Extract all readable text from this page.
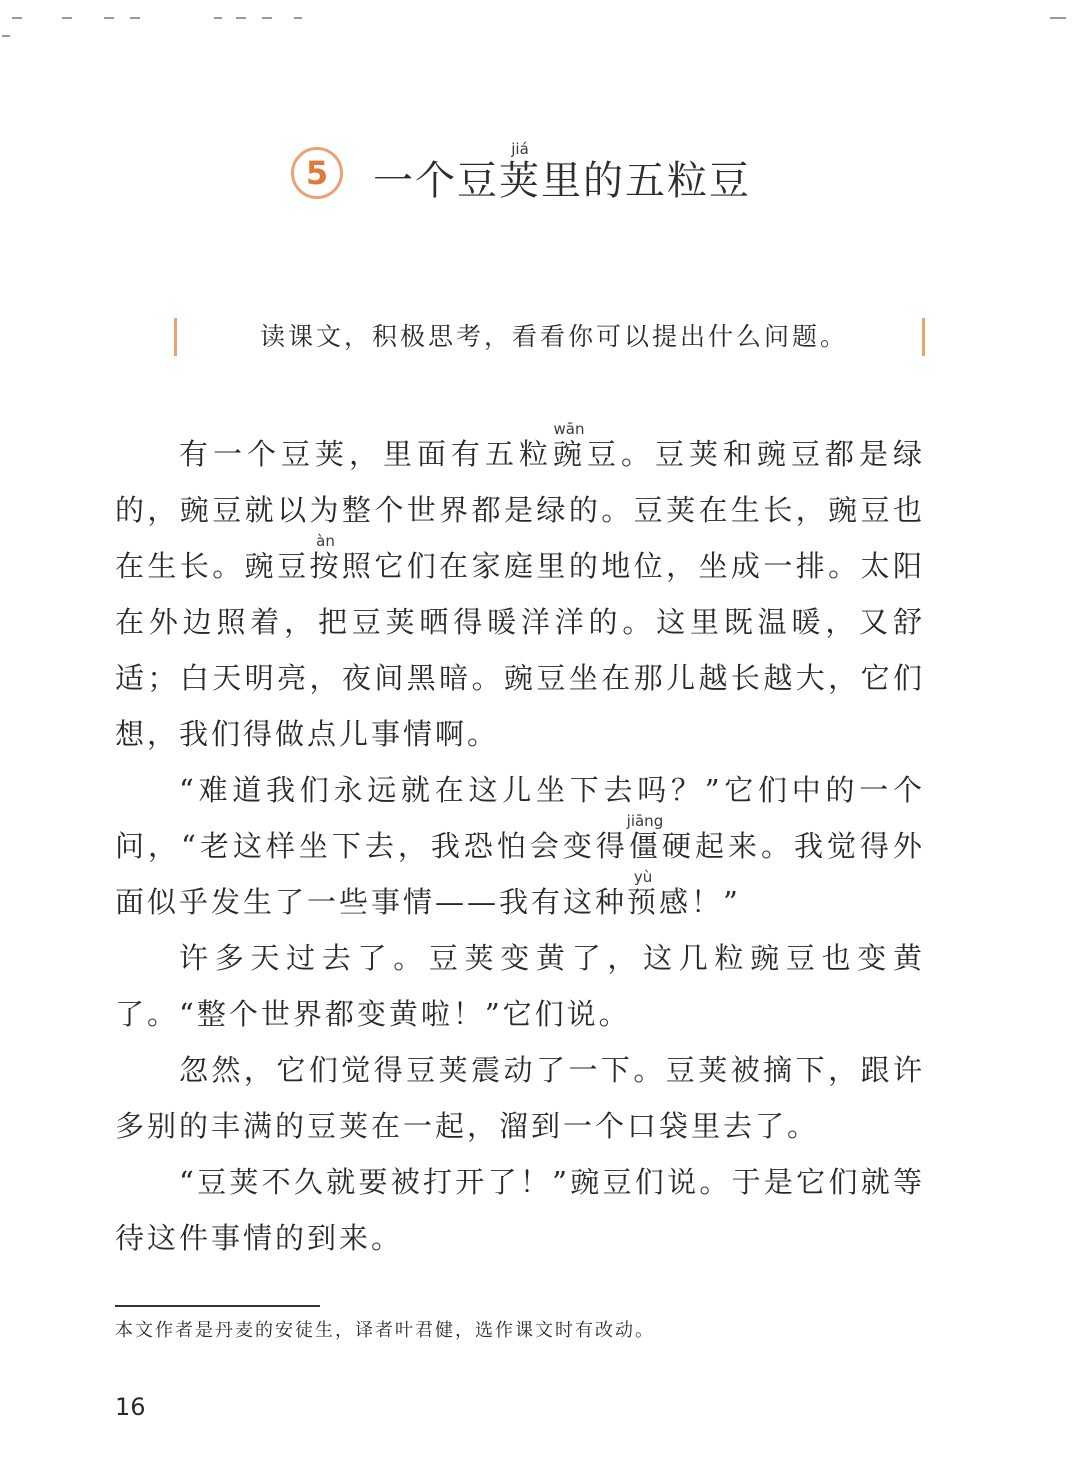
5	一个豆荚jiá里的五粒豆
读课文，积极思考，看看你可以提出什么问题。

有一个豆荚，里面有五粒豌wān豆。豆荚和豌豆都是绿的，豌豆就以为整个世界都是绿的。豆荚在生长，豌豆也在生长。豌豆按àn照它们在家庭里的地位，坐成一排。太阳在外边照着，把豆荚晒得暖洋洋的。这里既温暖，又舒适；白天明亮，夜间黑暗。豌豆坐在那儿越长越大，它们想，我们得做点儿事情啊。

“难道我们永远就在这儿坐下去吗？”它们中的一个问，“老这样坐下去，我恐怕会变得僵jiāng硬起来。我觉得外面似乎发生了一些事情——我有这种预yù感！”

许多天过去了。豆荚变黄了，这几粒豌豆也变黄了。“整个世界都变黄啦！”它们说。

忽然，它们觉得豆荚震动了一下。豆荚被摘下，跟许多别的丰满的豆荚在一起，溜到一个口袋里去了。

“豆荚不久就要被打开了！”豌豆们说。于是它们就等待这件事情的到来。

本文作者是丹麦的安徒生，译者叶君健，选作课文时有改动。
16
